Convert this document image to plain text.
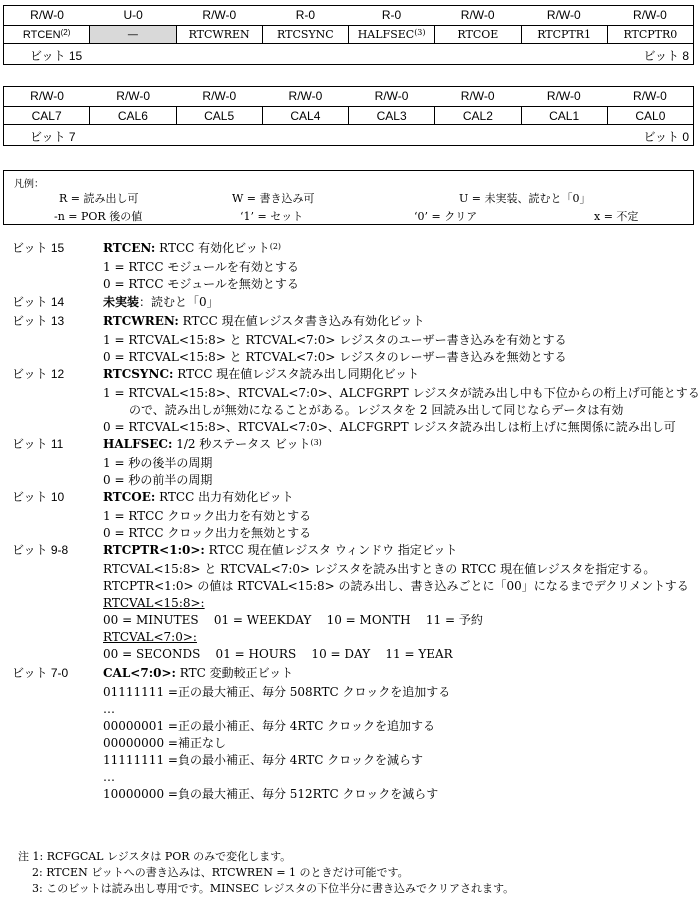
R/W-0	U-0	R/W-0	R-0	R-0	R/W-0	R/W-0	R/W-0
RTCEN$^{(2)}$	—	RTCWREN	RTCSYNC	HALFSEC$^{(3)}$	RTCOE	RTCPTR1	RTCPTR0
ビット 15	ビット 8
R/W-0	R/W-0	R/W-0	R/W-0	R/W-0	R/W-0	R/W-0	R/W-0
CAL7	CAL6	CAL5	CAL4	CAL3	CAL2	CAL1	CAL0
ビット 7	ビット 0
凡例：
R = 読み出し可	W = 書き込み可	U = 未実装、読むと「0」
-n = POR 後の値	‘1’ = セット	‘0’ = クリア	x = 不定
ビット 15	RTCEN: RTCC 有効化ビット$^{(2)}$
1 = RTCC モジュールを有効とする
0 = RTCC モジュールを無効とする
ビット 14	未実装：読むと「0」
ビット 13	RTCWREN: RTCC 現在値レジスタ書き込み有効化ビット
1 = RTCVAL<15:8> と RTCVAL<7:0> レジスタのユーザー書き込みを有効とする
0 = RTCVAL<15:8> と RTCVAL<7:0> レジスタのレーザー書き込みを無効とする
ビット 12	RTCSYNC: RTCC 現在値レジスタ読み出し同期化ビット
1 = RTCVAL<15:8>、RTCVAL<7:0>、ALCFGRPT レジスタが読み出し中も下位からの桁上げ可能とするので、読み出しが無効になることがある。レジスタを 2 回読み出して同じならデータは有効
0 = RTCVAL<15:8>、RTCVAL<7:0>、ALCFGRPT レジスタ読み出しは桁上げに無関係に読み出し可
ビット 11	HALFSEC: 1/2 秒ステータス ビット$^{(3)}$
1 = 秒の後半の周期
0 = 秒の前半の周期
ビット 10	RTCOE: RTCC 出力有効化ビット
1 = RTCC クロック出力を有効とする
0 = RTCC クロック出力を無効とする
ビット 9-8	RTCPTR<1:0>: RTCC 現在値レジスタ ウィンドウ 指定ビット
RTCVAL<15:8> と RTCVAL<7:0> レジスタを読み出すときの RTCC 現在値レジスタを指定する。
RTCPTR<1:0> の値は RTCVAL<15:8> の読み出し、書き込みごとに「00」になるまでデクリメントする
RTCVAL<15:8>:
00 = MINUTES    01 = WEEKDAY    10 = MONTH    11 = 予約
RTCVAL<7:0>:
00 = SECONDS    01 = HOURS    10 = DAY    11 = YEAR
ビット 7-0	CAL<7:0>: RTC 変動較正ビット
01111111 =正の最大補正、毎分 508RTC クロックを追加する
…
00000001 =正の最小補正、毎分 4RTC クロックを追加する
00000000 =補正なし
11111111 =負の最小補正、毎分 4RTC クロックを減らす
…
10000000 =負の最大補正、毎分 512RTC クロックを減らす
注 1: RCFGCAL レジスタは POR のみで変化します。
2: RTCEN ビットへの書き込みは、RTCWREN = 1 のときだけ可能です。
3: このビットは読み出し専用です。MINSEC レジスタの下位半分に書き込みでクリアされます。
